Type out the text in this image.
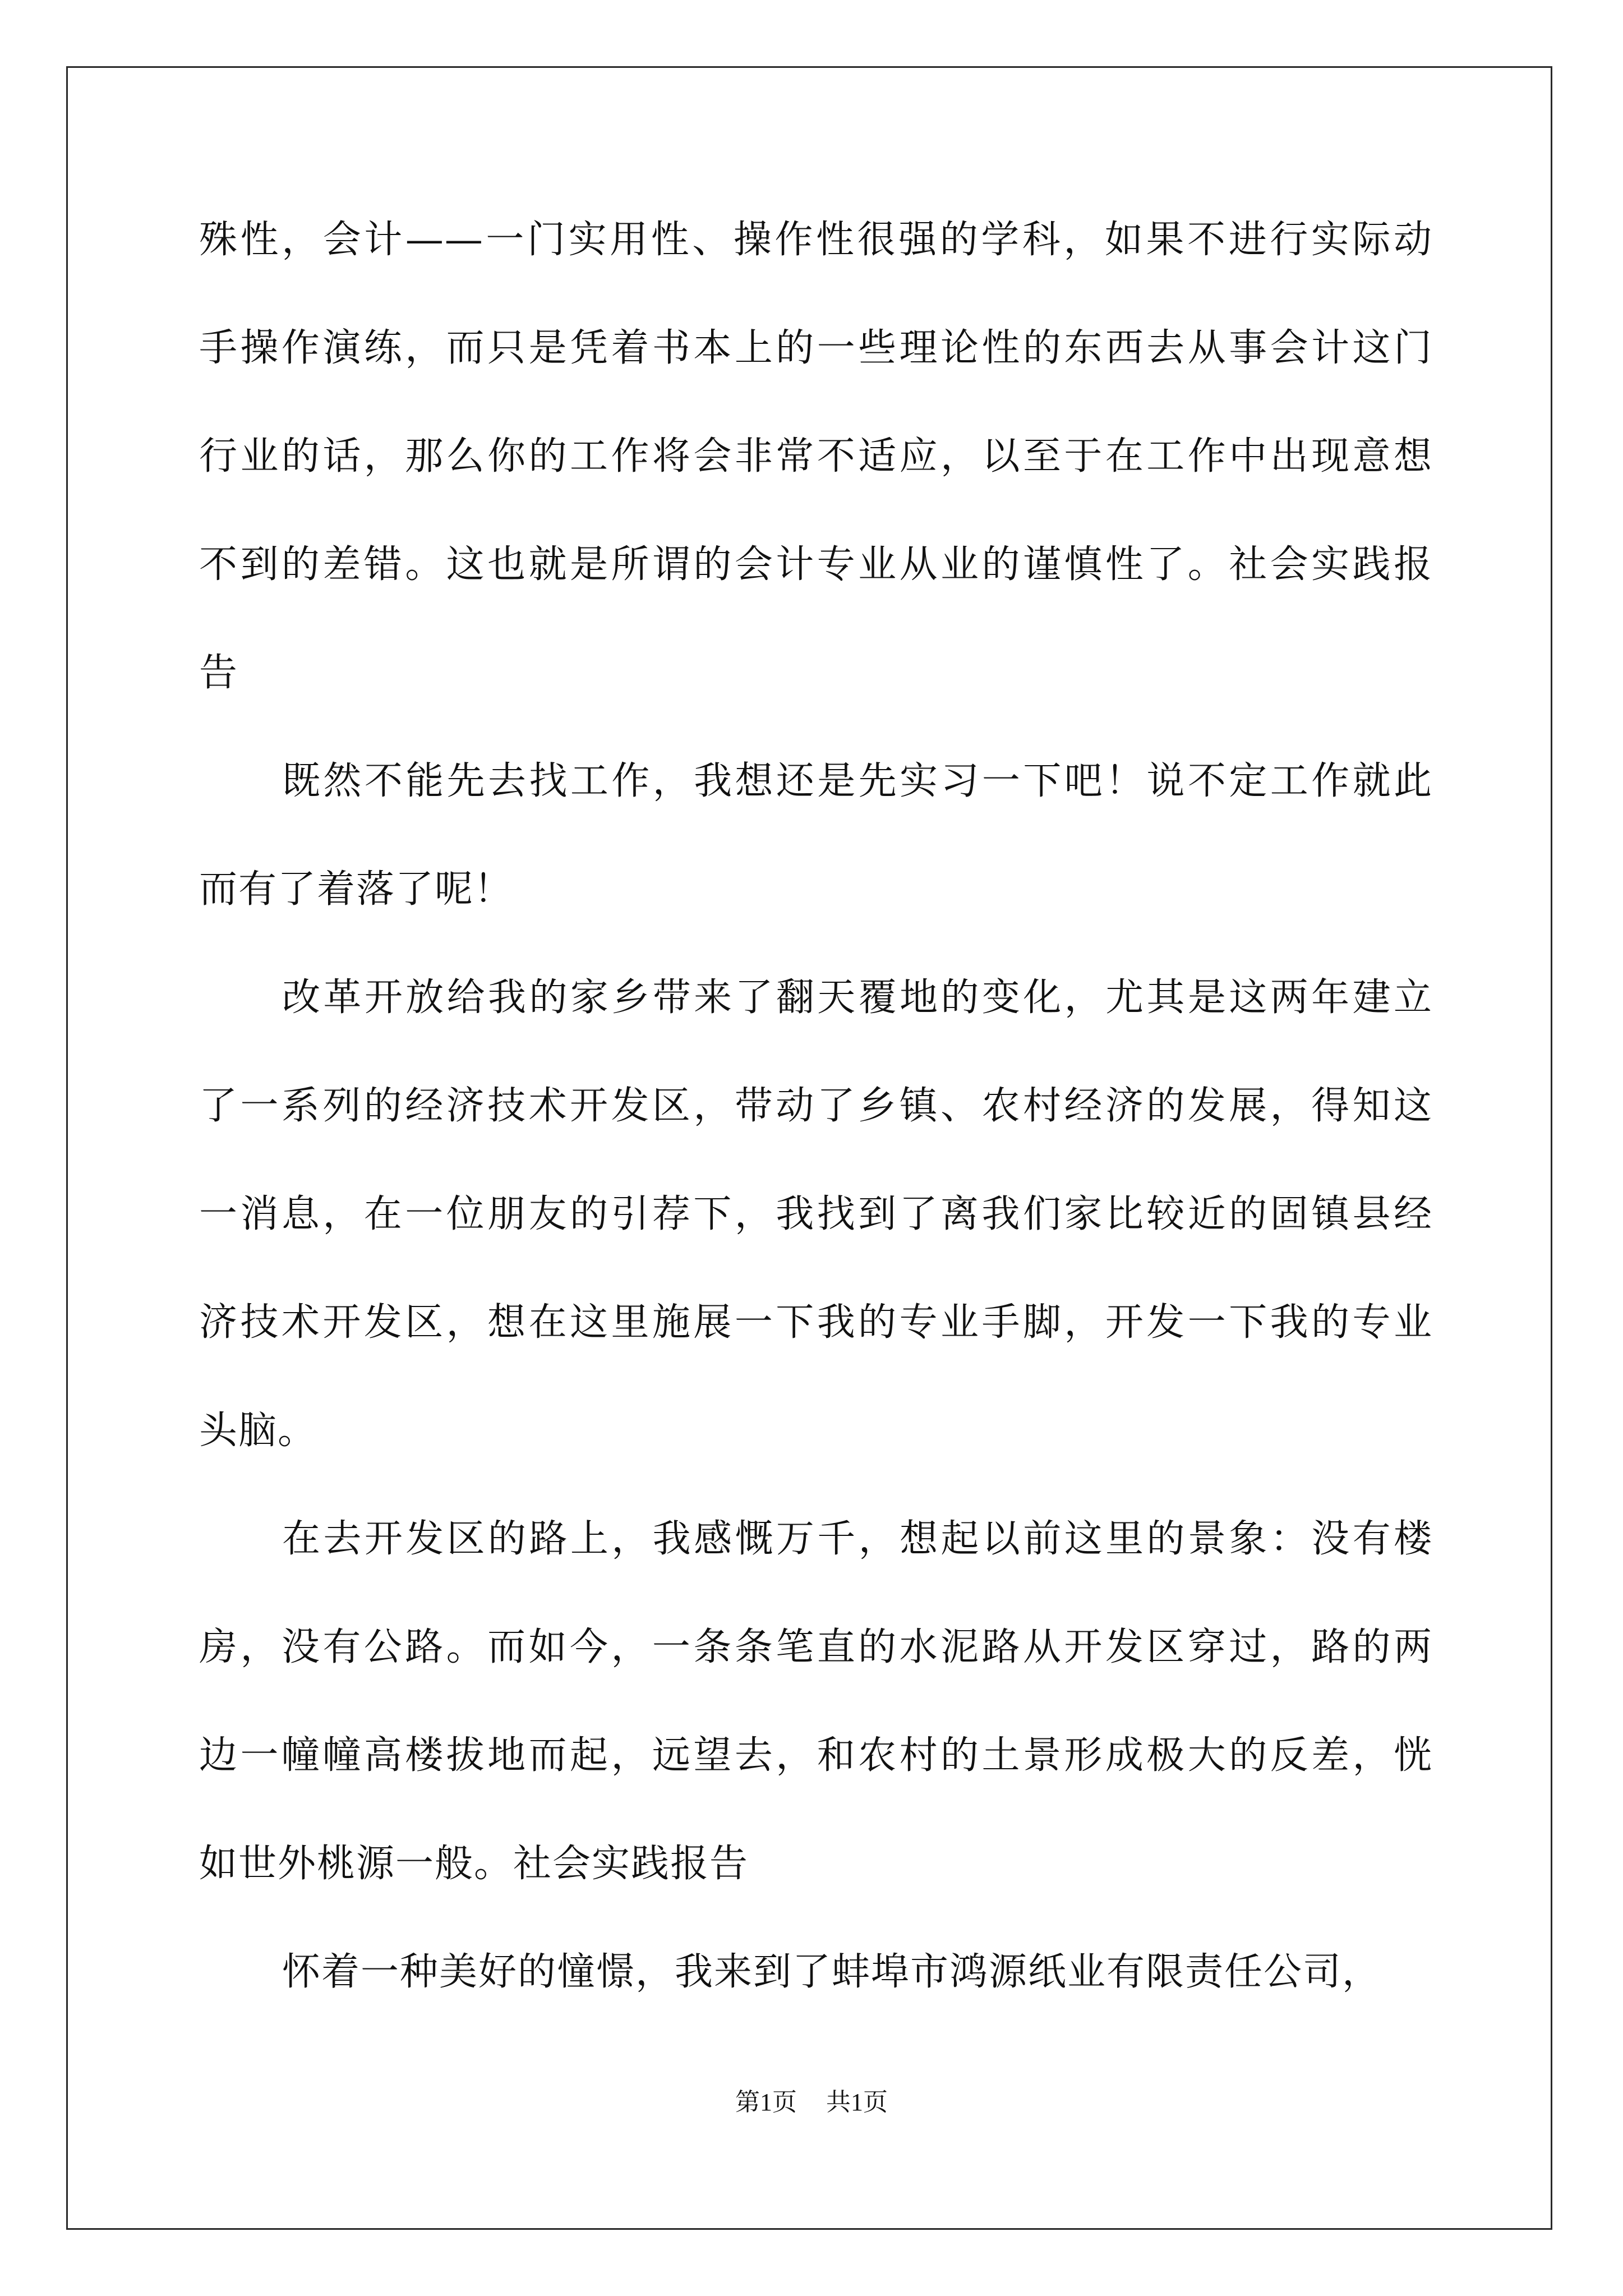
殊性，会计——一门实用性、操作性很强的学科，如果不进行实际动
手操作演练，而只是凭着书本上的一些理论性的东西去从事会计这门
行业的话，那么你的工作将会非常不适应，以至于在工作中出现意想
不到的差错。这也就是所谓的会计专业从业的谨慎性了。社会实践报
告
既然不能先去找工作，我想还是先实习一下吧！说不定工作就此
而有了着落了呢！
改革开放给我的家乡带来了翻天覆地的变化，尤其是这两年建立
了一系列的经济技术开发区，带动了乡镇、农村经济的发展，得知这
一消息，在一位朋友的引荐下，我找到了离我们家比较近的固镇县经
济技术开发区，想在这里施展一下我的专业手脚，开发一下我的专业
头脑。
在去开发区的路上，我感慨万千，想起以前这里的景象：没有楼
房，没有公路。而如今，一条条笔直的水泥路从开发区穿过，路的两
边一幢幢高楼拔地而起，远望去，和农村的土景形成极大的反差，恍
如世外桃源一般。社会实践报告
怀着一种美好的憧憬，我来到了蚌埠市鸿源纸业有限责任公司，
第1页 共1页
